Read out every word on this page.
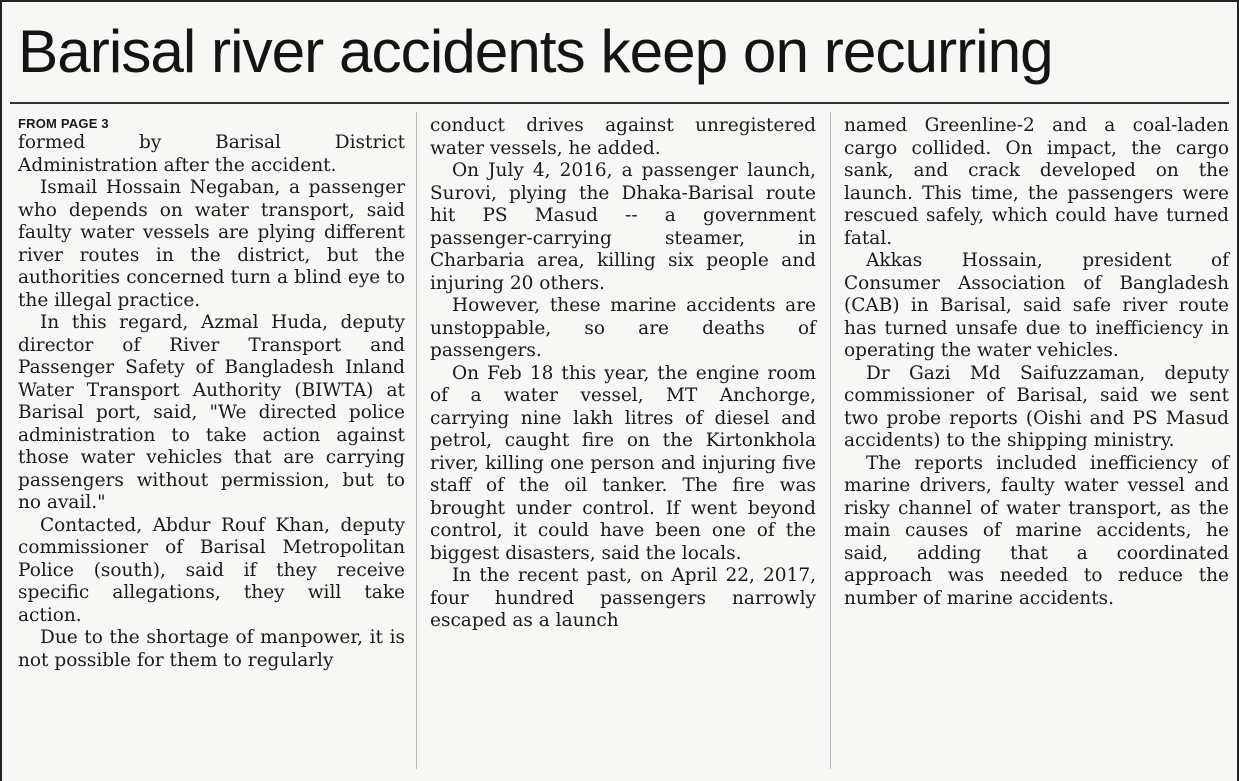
Barisal river accidents keep on recurring
FROM PAGE 3

formed by Barisal District Administration after the accident.

Ismail Hossain Negaban, a passenger who depends on water transport, said faulty water vessels are plying different river routes in the district, but the authorities concerned turn a blind eye to the illegal practice.

In this regard, Azmal Huda, deputy director of River Transport and Passenger Safety of Bangladesh Inland Water Transport Authority (BIWTA) at Barisal port, said, "We directed police administration to take action against those water vehicles that are carrying passengers without permission, but to no avail."

Contacted, Abdur Rouf Khan, deputy commissioner of Barisal Metropolitan Police (south), said if they receive specific allegations, they will take action.

Due to the shortage of manpower, it is not possible for them to regularly

conduct drives against unregistered water vessels, he added.

On July 4, 2016, a passenger launch, Surovi, plying the Dhaka-Barisal route hit PS Masud -- a government passenger-carrying steamer, in Charbaria area, killing six people and injuring 20 others.

However, these marine accidents are unstoppable, so are deaths of passengers.

On Feb 18 this year, the engine room of a water vessel, MT Anchorge, carrying nine lakh litres of diesel and petrol, caught fire on the Kirtonkhola river, killing one person and injuring five staff of the oil tanker. The fire was brought under control. If went beyond control, it could have been one of the biggest disasters, said the locals.

In the recent past, on April 22, 2017, four hundred passengers narrowly escaped as a launch

named Greenline-2 and a coal-laden cargo collided. On impact, the cargo sank, and crack developed on the launch. This time, the passengers were rescued safely, which could have turned fatal.

Akkas Hossain, president of Consumer Association of Bangladesh (CAB) in Barisal, said safe river route has turned unsafe due to inefficiency in operating the water vehicles.

Dr Gazi Md Saifuzzaman, deputy commissioner of Barisal, said we sent two probe reports (Oishi and PS Masud accidents) to the shipping ministry.

The reports included inefficiency of marine drivers, faulty water vessel and risky channel of water transport, as the main causes of marine accidents, he said, adding that a coordinated approach was needed to reduce the number of marine accidents.
